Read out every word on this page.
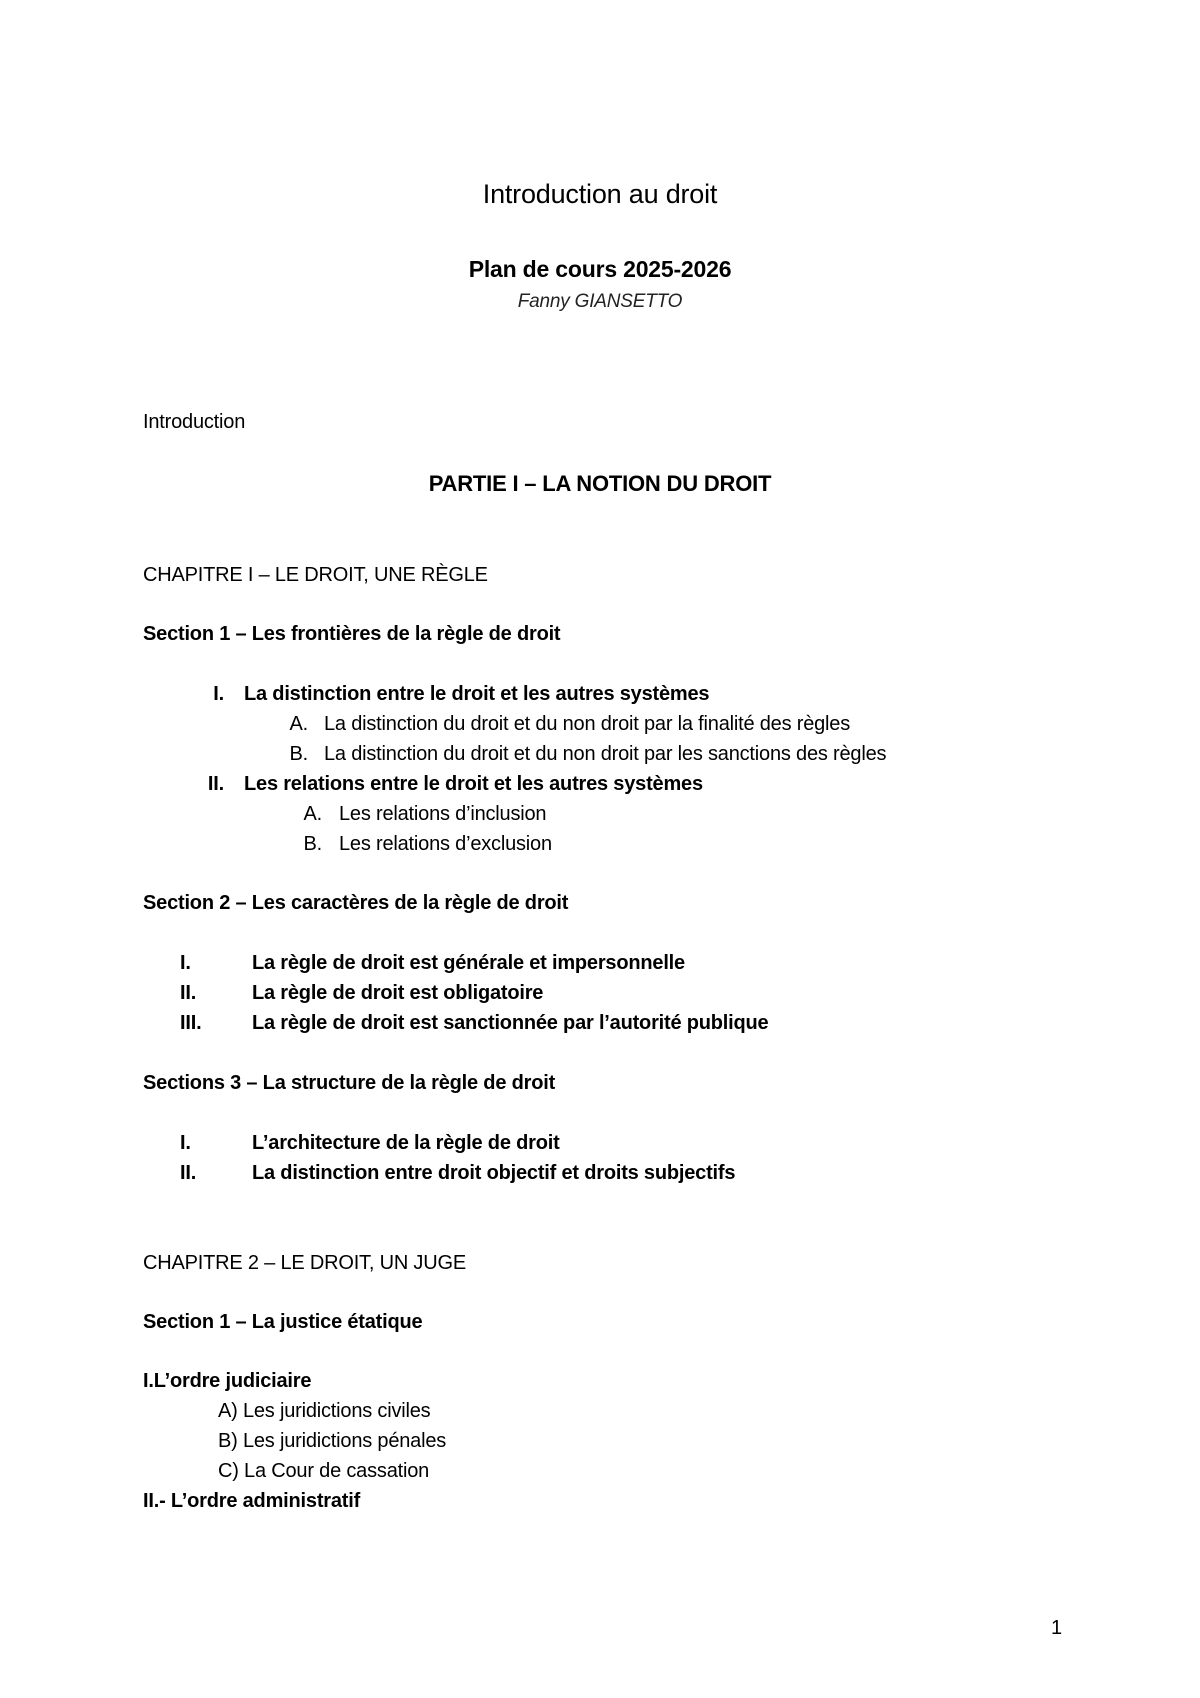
Introduction au droit
Plan de cours 2025-2026
Fanny GIANSETTO
Introduction
PARTIE I – LA NOTION DU DROIT
CHAPITRE I – LE DROIT, UNE RÈGLE
Section 1 – Les frontières de la règle de droit
I. La distinction entre le droit et les autres systèmes
A. La distinction du droit et du non droit par la finalité des règles
B. La distinction du droit et du non droit par les sanctions des règles
II. Les relations entre le droit et les autres systèmes
A. Les relations d’inclusion
B. Les relations d’exclusion
Section 2 – Les caractères de la règle de droit
I.	La règle de droit est générale et impersonnelle
II.	La règle de droit est obligatoire
III.	La règle de droit est sanctionnée par l’autorité publique
Sections 3 – La structure de la règle de droit
I.	L’architecture de la règle de droit
II.	La distinction entre droit objectif et droits subjectifs
CHAPITRE 2 – LE DROIT, UN JUGE
Section 1 – La justice étatique
I.L’ordre judiciaire
A) Les juridictions civiles
B) Les juridictions pénales
C) La Cour de cassation
II.- L’ordre administratif
1
